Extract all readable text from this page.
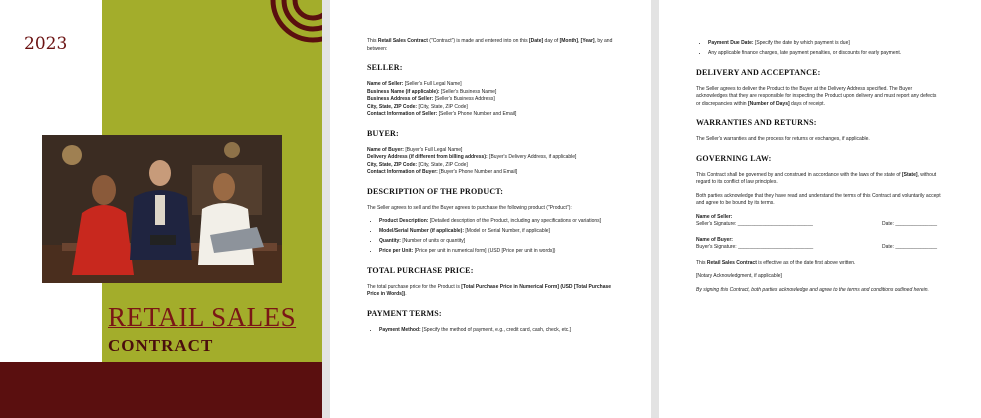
2023
RETAIL SALES
CONTRACT

This Retail Sales Contract ("Contract") is made and entered into on this [Date] day of [Month], [Year], by and between:

SELLER:
Name of Seller: [Seller's Full Legal Name]
Business Name (if applicable): [Seller's Business Name]
Business Address of Seller: [Seller's Business Address]
City, State, ZIP Code: [City, State, ZIP Code]
Contact Information of Seller: [Seller's Phone Number and Email]
BUYER:
Name of Buyer: [Buyer's Full Legal Name]
Delivery Address (if different from billing address): [Buyer's Delivery Address, if applicable]
City, State, ZIP Code: [City, State, ZIP Code]
Contact Information of Buyer: [Buyer's Phone Number and Email]
DESCRIPTION OF THE PRODUCT:

The Seller agrees to sell and the Buyer agrees to purchase the following product ("Product"):

• Product Description: [Detailed description of the Product, including any specifications or variations]
• Model/Serial Number (if applicable): [Model or Serial Number, if applicable]
• Quantity: [Number of units or quantity]
• Price per Unit: [Price per unit in numerical form] (USD [Price per unit in words])
TOTAL PURCHASE PRICE:

The total purchase price for the Product is [Total Purchase Price in Numerical Form] (USD [Total Purchase Price in Words]).

PAYMENT TERMS:
• Payment Method: [Specify the method of payment, e.g., credit card, cash, check, etc.]
• Payment Due Date: [Specify the date by which payment is due]
• Any applicable finance charges, late payment penalties, or discounts for early payment.
DELIVERY AND ACCEPTANCE:

The Seller agrees to deliver the Product to the Buyer at the Delivery Address specified. The Buyer acknowledges that they are responsible for inspecting the Product upon delivery and must report any defects or discrepancies within [Number of Days] days of receipt.

WARRANTIES AND RETURNS:

The Seller's warranties and the process for returns or exchanges, if applicable.

GOVERNING LAW:

This Contract shall be governed by and construed in accordance with the laws of the state of [State], without regard to its conflict of law principles.

Both parties acknowledge that they have read and understand the terms of this Contract and voluntarily accept and agree to be bound by its terms.

Name of Seller:
Seller's Signature: ___________________________	Date: _______________
Name of Buyer:
Buyer's Signature: ___________________________	Date: _______________

This Retail Sales Contract is effective as of the date first above written.

[Notary Acknowledgment, if applicable]

By signing this Contract, both parties acknowledge and agree to the terms and conditions outlined herein.
